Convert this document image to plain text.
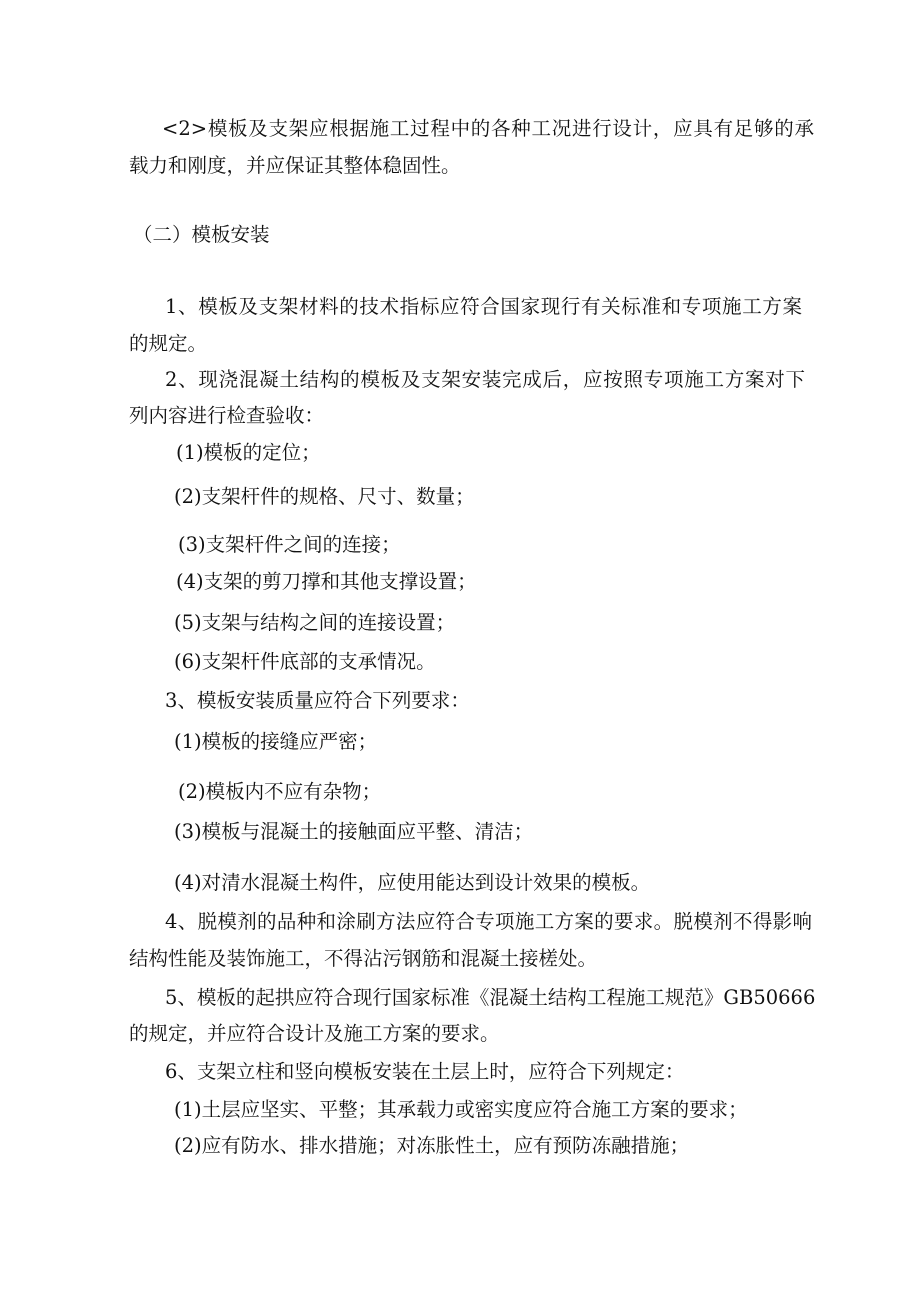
<2>模板及支架应根据施工过程中的各种工况进行设计，应具有足够的承
载力和刚度，并应保证其整体稳固性。
（二）模板安装
1、模板及支架材料的技术指标应符合国家现行有关标准和专项施工方案
的规定。
2、现浇混凝土结构的模板及支架安装完成后，应按照专项施工方案对下
列内容进行检查验收：
(1)模板的定位；
(2)支架杆件的规格、尺寸、数量；
(3)支架杆件之间的连接；
(4)支架的剪刀撑和其他支撑设置；
(5)支架与结构之间的连接设置；
(6)支架杆件底部的支承情况。
3、模板安装质量应符合下列要求：
(1)模板的接缝应严密；
(2)模板内不应有杂物；
(3)模板与混凝土的接触面应平整、清洁；
(4)对清水混凝土构件，应使用能达到设计效果的模板。
4、脱模剂的品种和涂刷方法应符合专项施工方案的要求。脱模剂不得影响
结构性能及装饰施工，不得沾污钢筋和混凝土接槎处。
5、模板的起拱应符合现行国家标准《混凝土结构工程施工规范》GB50666
的规定，并应符合设计及施工方案的要求。
6、支架立柱和竖向模板安装在土层上时，应符合下列规定：
(1)土层应坚实、平整；其承载力或密实度应符合施工方案的要求；
(2)应有防水、排水措施；对冻胀性土，应有预防冻融措施；
